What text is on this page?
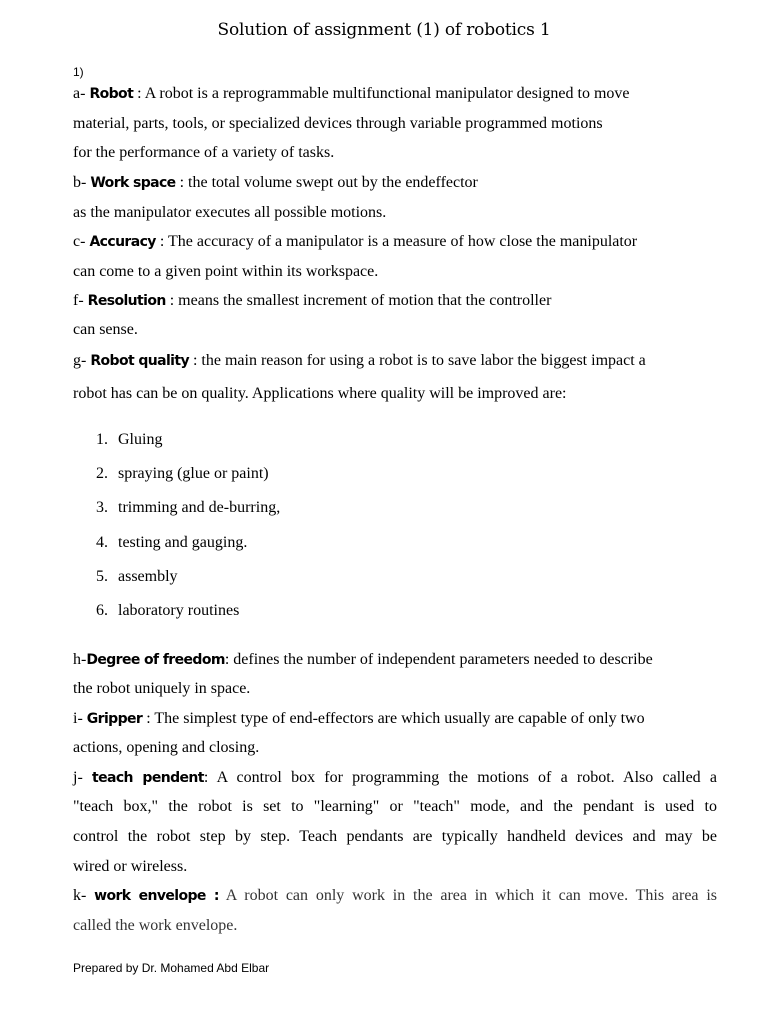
Solution of assignment (1) of robotics 1
1)
a- Robot : A robot is a reprogrammable multifunctional manipulator designed to move
material, parts, tools, or specialized devices through variable programmed motions
for the performance of a variety of tasks.
b- Work space : the total volume swept out by the endeffector
as the manipulator executes all possible motions.
c- Accuracy : The accuracy of a manipulator is a measure of how close the manipulator
can come to a given point within its workspace.
f- Resolution : means the smallest increment of motion that the controller
can sense.
g- Robot quality : the main reason for using a robot is to save labor the biggest impact a
robot has can be on quality. Applications where quality will be improved are:
1. Gluing
2. spraying (glue or paint)
3. trimming and de-burring,
4. testing and gauging.
5. assembly
6. laboratory routines
h-Degree of freedom: defines the number of independent parameters needed to describe
the robot uniquely in space.
i- Gripper : The simplest type of end-effectors are which usually are capable of only two
actions, opening and closing.
j- teach pendent: A control box for programming the motions of a robot. Also called a
"teach box," the robot is set to "learning" or "teach" mode, and the pendant is used to
control the robot step by step. Teach pendants are typically handheld devices and may be
wired or wireless.
k- work envelope : A robot can only work in the area in which it can move. This area is
called the work envelope.
Prepared by Dr. Mohamed Abd Elbar
